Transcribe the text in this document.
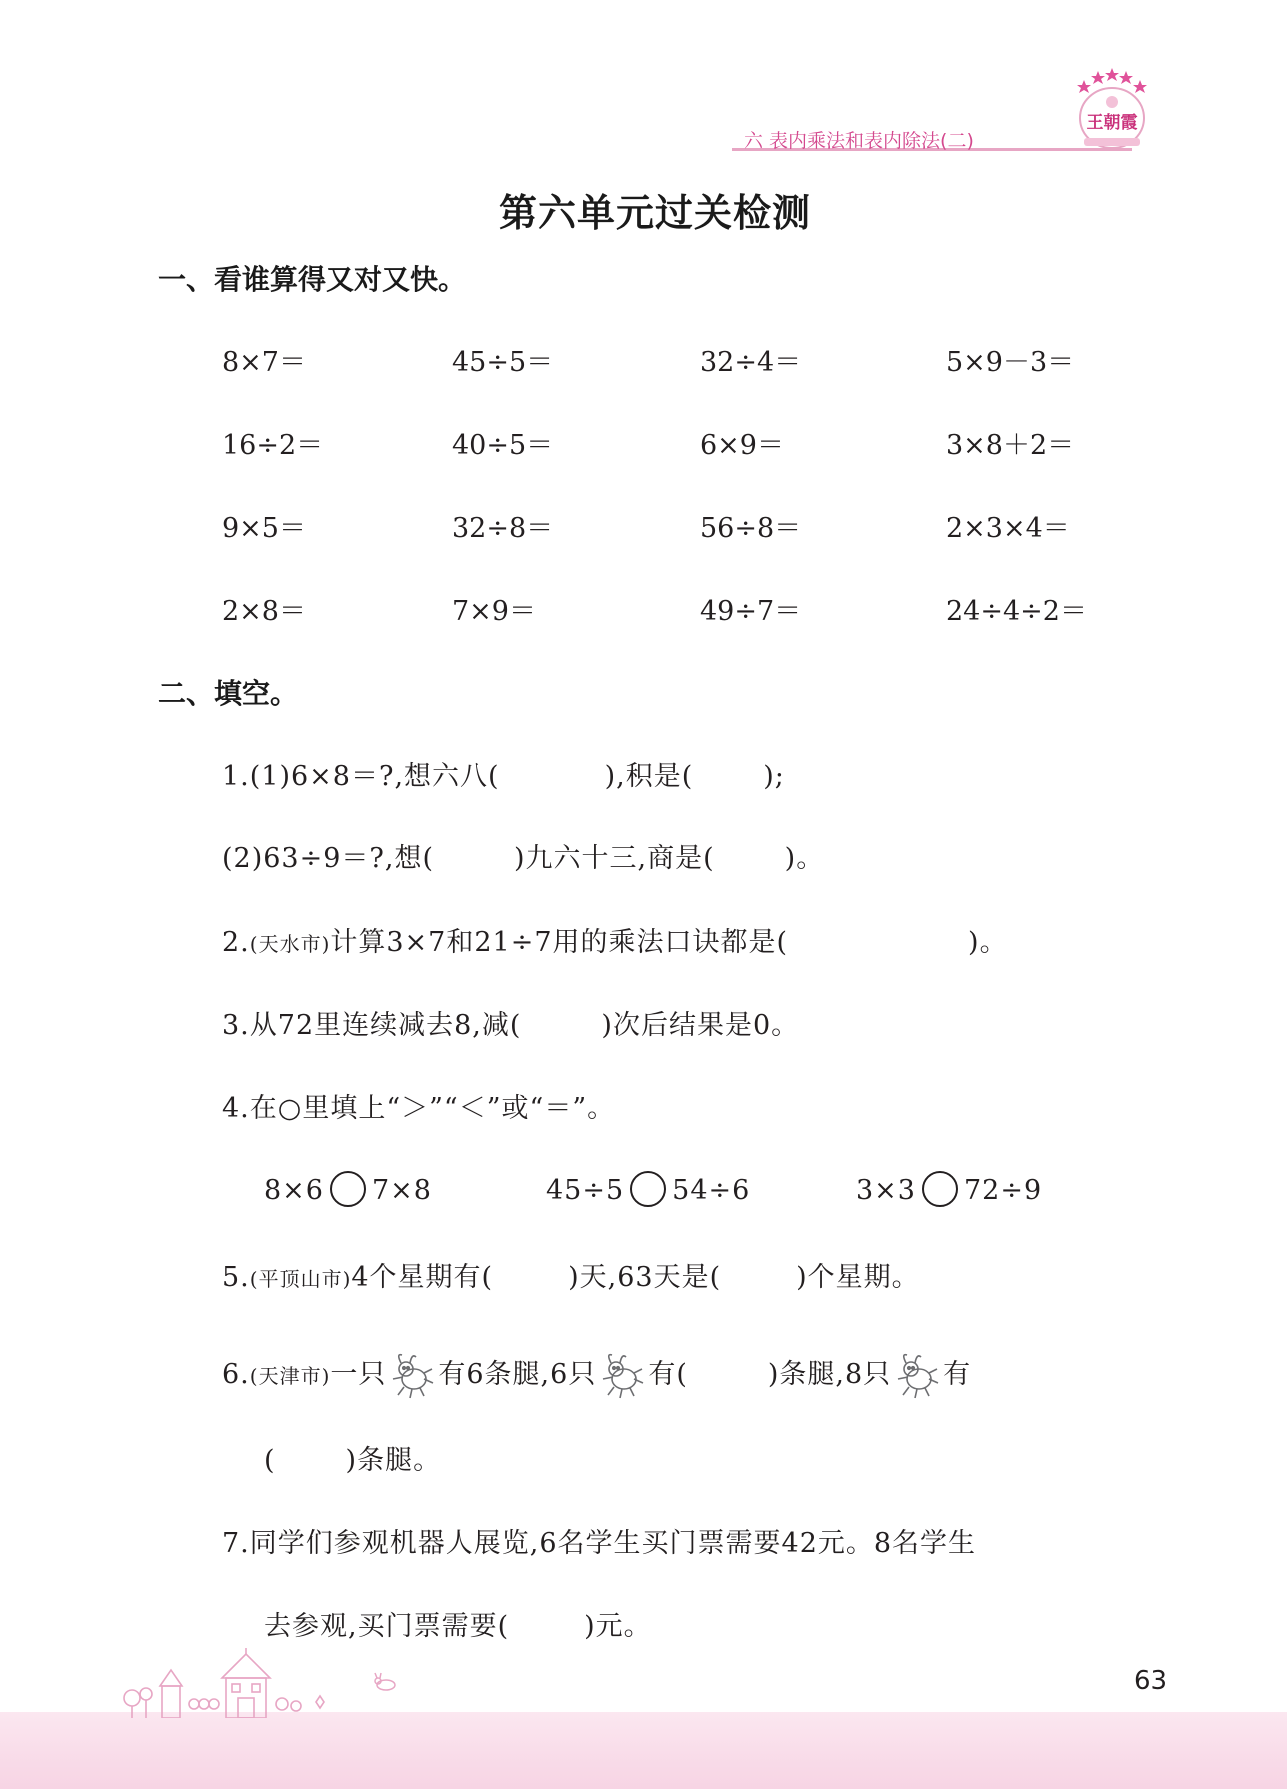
六 表内乘法和表内除法(二)
王朝霞
第六单元过关检测
一、看谁算得又对又快。
8×7＝	45÷5＝	32÷4＝	5×9－3＝
16÷2＝	40÷5＝	6×9＝	3×8＋2＝
9×5＝	32÷8＝	56÷8＝	2×3×4＝
2×8＝	7×9＝	49÷7＝	24÷4÷2＝
二、填空。
1.(1)6×8＝?,想六八(	),积是(	);
(2)63÷9＝?,想(	)九六十三,商是(	)。
2.(天水市)计算3×7和21÷7用的乘法口诀都是(	)。
3.从72里连续减去8,减(	)次后结果是0。
4.在○里填上“＞”“＜”或“＝”。
8×6 7×8	45÷5 54÷6	3×3 72÷9
5.(平顶山市)4个星期有(	)天,63天是(	)个星期。
6.(天津市)一只 有6条腿,6只 有(	)条腿,8只 有
(	)条腿。
7.同学们参观机器人展览,6名学生买门票需要42元。8名学生
去参观,买门票需要(	)元。
63
